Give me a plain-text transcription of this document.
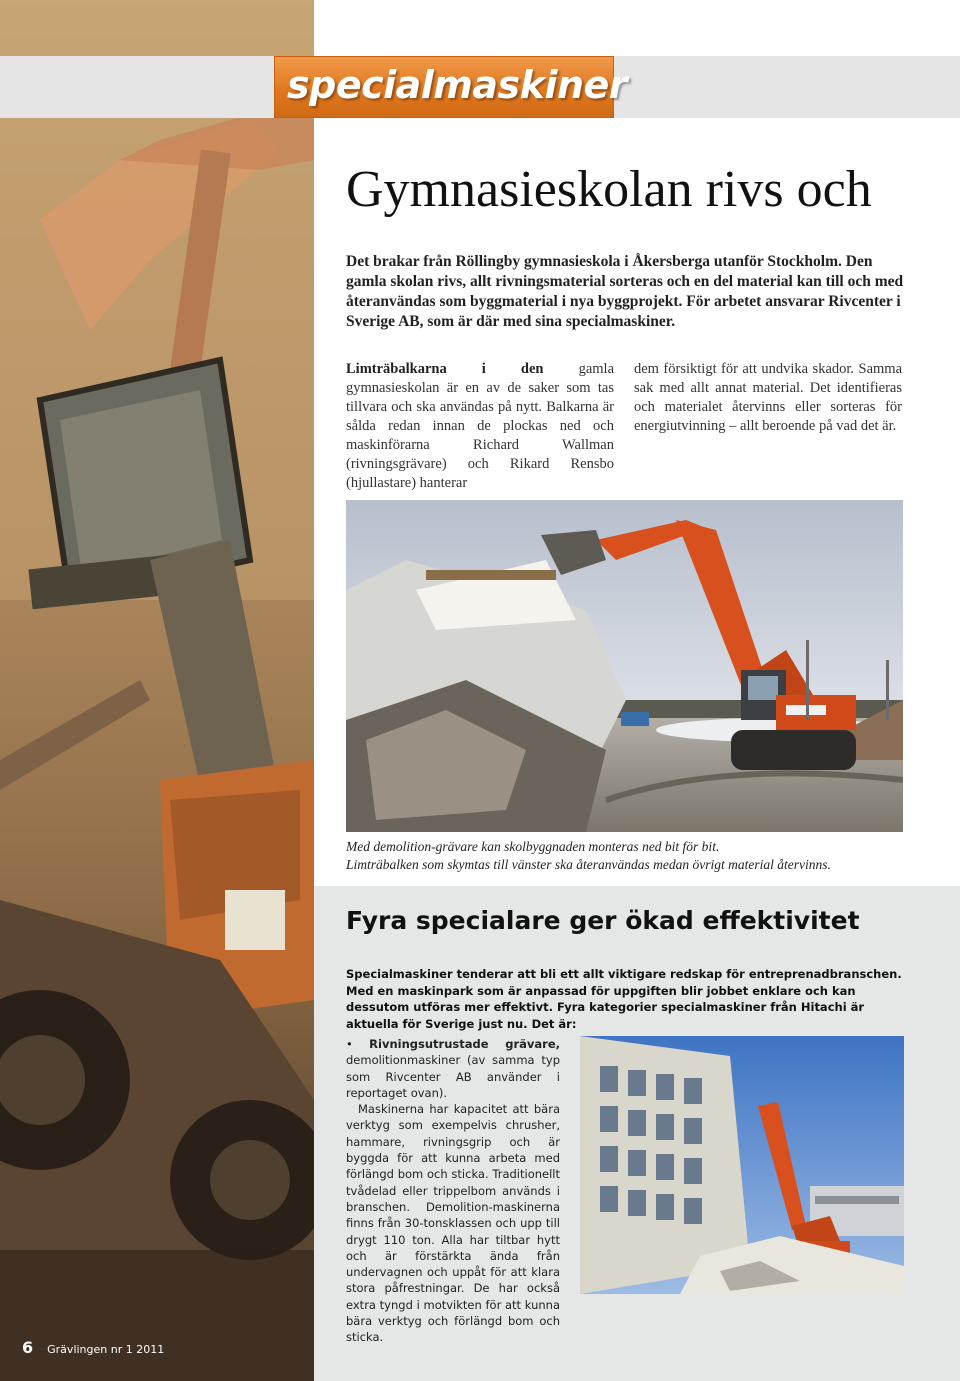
specialmaskiner
Gymnasieskolan rivs och
Det brakar från Röllingby gymnasieskola i Åkersberga utanför Stockholm. Den gamla skolan rivs, allt rivningsmaterial sorteras och en del material kan till och med återanvändas som byggmaterial i nya byggprojekt. För arbetet ansvarar Rivcenter i Sverige AB, som är där med sina specialmaskiner.
Limträbalkarna i den gamla gymnasieskolan är en av de saker som tas tillvara och ska användas på nytt. Balkarna är sålda redan innan de plockas ned och maskinförarna Richard Wallman (rivningsgrävare) och Rikard Rensbo (hjullastare) hanterar
dem försiktigt för att undvika skador. Samma sak med allt annat material. Det identifieras och materialet återvinns eller sorteras för energiutvinning – allt beroende på vad det är.
Med demolition-grävare kan skolbyggnaden monteras ned bit för bit.
Limträbalken som skymtas till vänster ska återanvändas medan övrigt material återvinns.
Fyra specialare ger ökad effektivitet
Specialmaskiner tenderar att bli ett allt viktigare redskap för entreprenadbranschen. Med en maskinpark som är anpassad för uppgiften blir jobbet enklare och kan dessutom utföras mer effektivt. Fyra kategorier specialmaskiner från Hitachi är aktuella för Sverige just nu. Det är:

• Rivningsutrustade grävare, demolitionmaskiner (av samma typ som Rivcenter AB använder i reportaget ovan).

Maskinerna har kapacitet att bära verktyg som exempelvis chrusher, hammare, rivningsgrip och är byggda för att kunna arbeta med förlängd bom och sticka. Traditionellt tvådelad eller trippelbom används i branschen. Demolition-maskinerna finns från 30-tonsklassen och upp till drygt 110 ton. Alla har tiltbar hytt och är förstärkta ända från undervagnen och uppåt för att klara stora påfrestningar. De har också extra tyngd i motvikten för att kunna bära verktyg och förlängd bom och sticka.

6 Grävlingen nr 1 2011
